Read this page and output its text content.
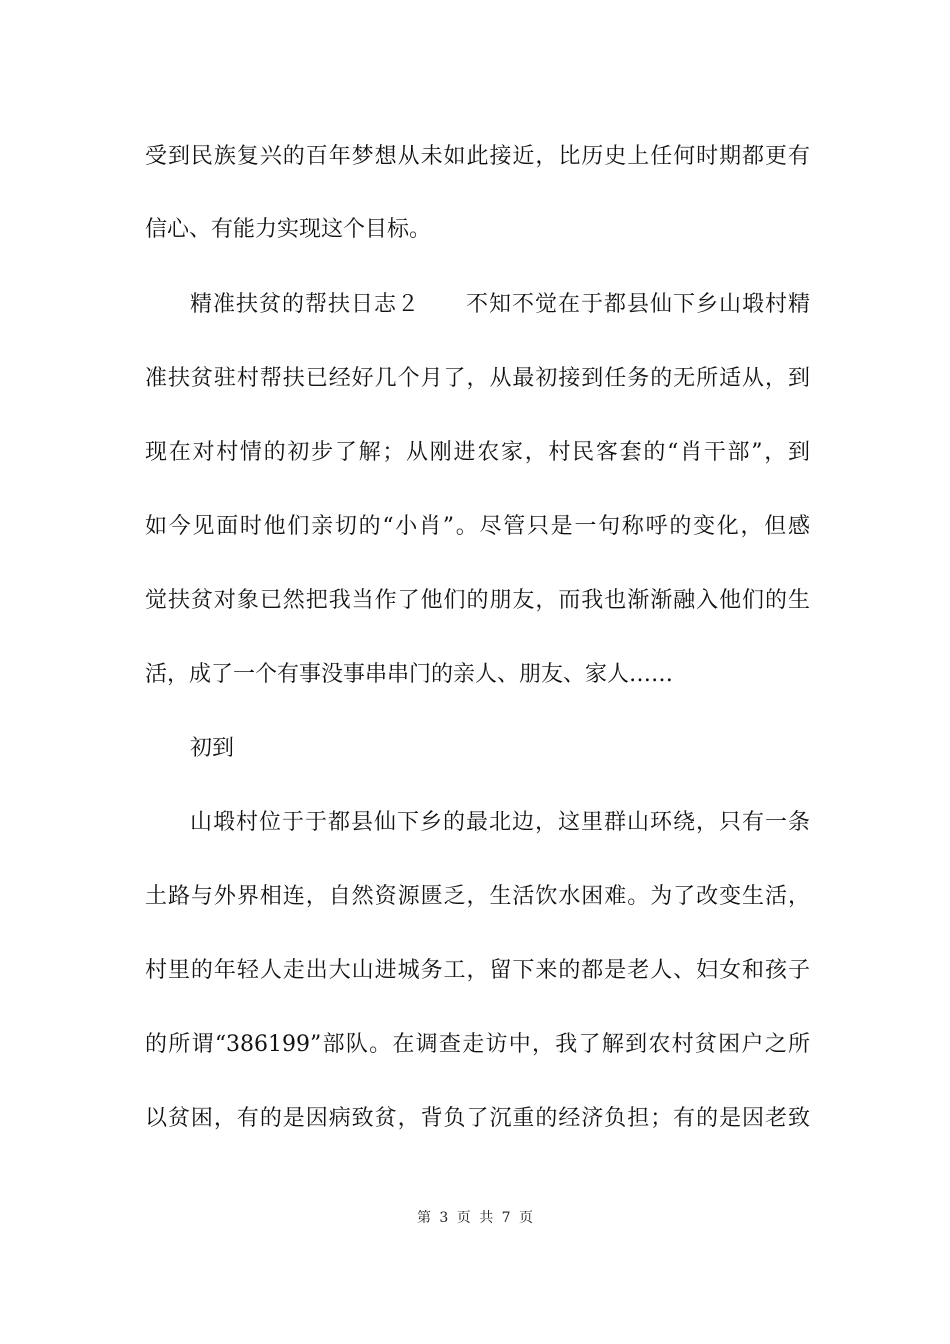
受到民族复兴的百年梦想从未如此接近，比历史上任何时期都更有
信心、有能力实现这个目标。
精准扶贫的帮扶日志２　　不知不觉在于都县仙下乡山塅村精
准扶贫驻村帮扶已经好几个月了，从最初接到任务的无所适从，到
现在对村情的初步了解；从刚进农家，村民客套的“肖干部”，到
如今见面时他们亲切的“小肖”。尽管只是一句称呼的变化，但感
觉扶贫对象已然把我当作了他们的朋友，而我也渐渐融入他们的生
活，成了一个有事没事串串门的亲人、朋友、家人……
初到
山塅村位于于都县仙下乡的最北边，这里群山环绕，只有一条
土路与外界相连，自然资源匮乏，生活饮水困难。为了改变生活，
村里的年轻人走出大山进城务工，留下来的都是老人、妇女和孩子
的所谓“386199”部队。在调查走访中，我了解到农村贫困户之所
以贫困，有的是因病致贫，背负了沉重的经济负担；有的是因老致
第 3 页 共 7 页
